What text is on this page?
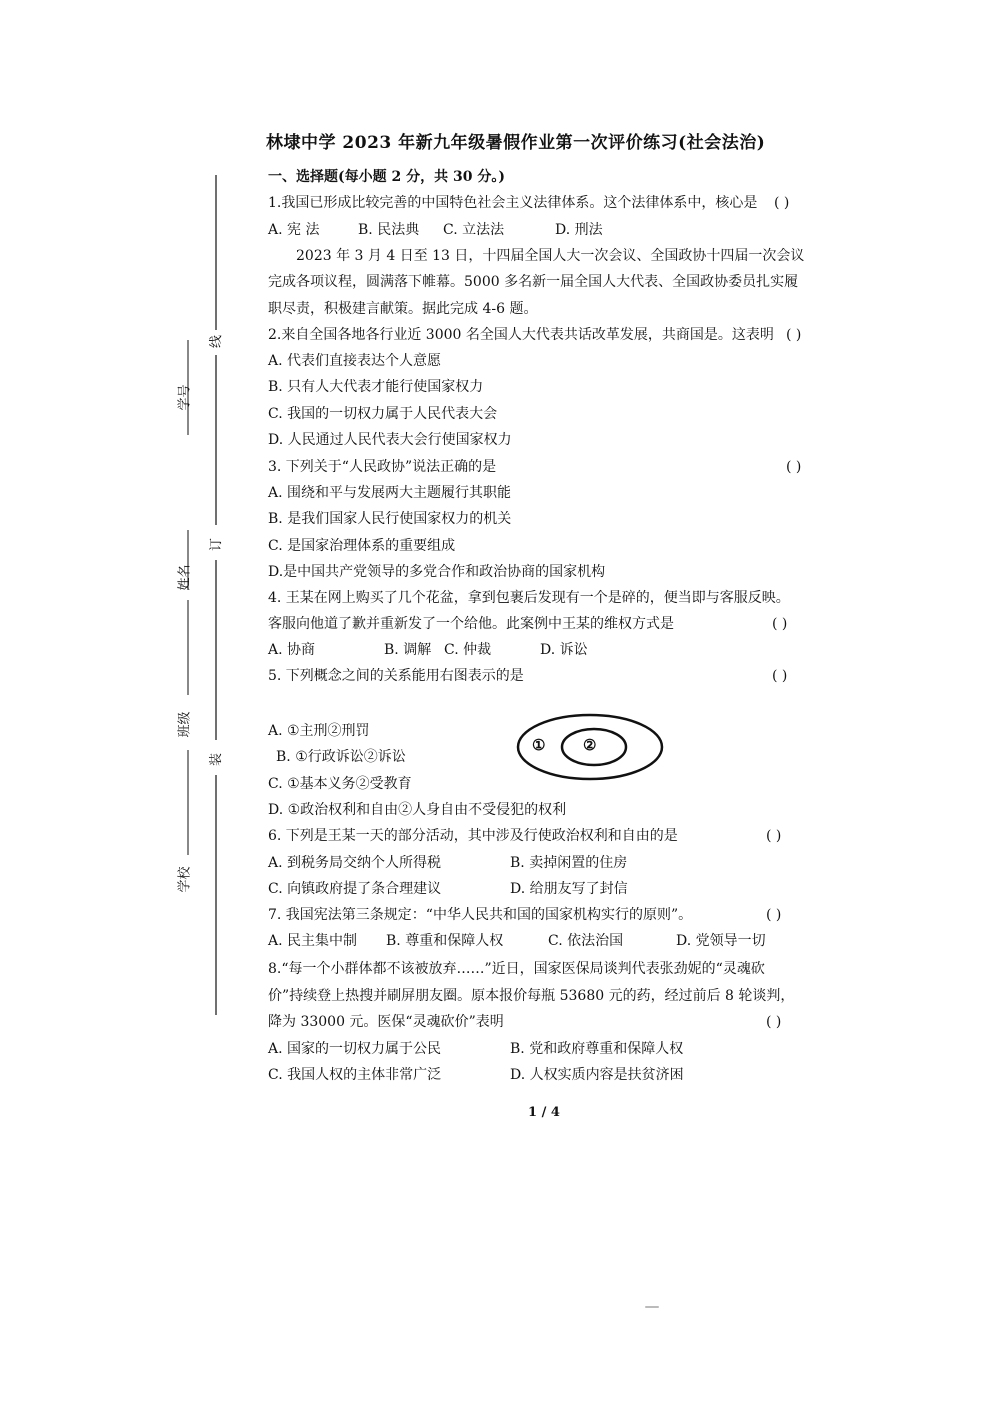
学号
姓名
班级
学校
线
订
装
林埭中学 2023 年新九年级暑假作业第一次评价练习(社会法治)
一、选择题(每小题 2 分，共 30 分。)
1.我国已形成比较完善的中国特色社会主义法律体系。这个法律体系中，核心是 ( )
A. 宪 法	B. 民法典 C. 立法法	D. 刑法
2023 年 3 月 4 日至 13 日，十四届全国人大一次会议、全国政协十四届一次会议
完成各项议程，圆满落下帷幕。5000 多名新一届全国人大代表、全国政协委员扎实履
职尽责，积极建言献策。据此完成 4-6 题。
2.来自全国各地各行业近 3000 名全国人大代表共话改革发展，共商国是。这表明 ( )
A. 代表们直接表达个人意愿
B. 只有人大代表才能行使国家权力
C. 我国的一切权力属于人民代表大会
D. 人民通过人民代表大会行使国家权力
3. 下列关于“人民政协”说法正确的是	( )
A. 围绕和平与发展两大主题履行其职能
B. 是我们国家人民行使国家权力的机关
C. 是国家治理体系的重要组成
D.是中国共产党领导的多党合作和政治协商的国家机构
4. 王某在网上购买了几个花盆，拿到包裹后发现有一个是碎的，便当即与客服反映。
客服向他道了歉并重新发了一个给他。此案例中王某的维权方式是	( )
A. 协商	B. 调解 C. 仲裁	D. 诉讼
5. 下列概念之间的关系能用右图表示的是	( )
A. ①主刑②刑罚
B. ①行政诉讼②诉讼
C. ①基本义务②受教育
D. ①政治权利和自由②人身自由不受侵犯的权利
①	②
6. 下列是王某一天的部分活动，其中涉及行使政治权利和自由的是	( )
A. 到税务局交纳个人所得税	B. 卖掉闲置的住房
C. 向镇政府提了条合理建议	D. 给朋友写了封信
7. 我国宪法第三条规定：“中华人民共和国的国家机构实行的原则”。	( )
A. 民主集中制 B. 尊重和保障人权	C. 依法治国	D. 党领导一切
8.“每一个小群体都不该被放弃……”近日，国家医保局谈判代表张劲妮的“灵魂砍
价”持续登上热搜并刷屏朋友圈。原本报价每瓶 53680 元的药，经过前后 8 轮谈判，
降为 33000 元。医保“灵魂砍价”表明	( )
A. 国家的一切权力属于公民	B. 党和政府尊重和保障人权
C. 我国人权的主体非常广泛	D. 人权实质内容是扶贫济困
1 / 4
